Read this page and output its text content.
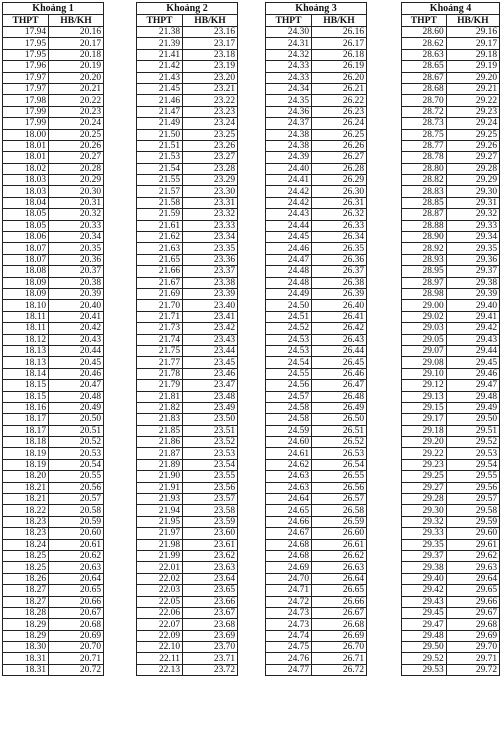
Khoảng 1	
THPT	HB/KH
17.94	20.16
17.95	20.17
17.95	20.18
17.96	20.19
17.97	20.20
17.97	20.21
17.98	20.22
17.99	20.23
17.99	20.24
18.00	20.25
18.01	20.26
18.01	20.27
18.02	20.28
18.03	20.29
18.03	20.30
18.04	20.31
18.05	20.32
18.05	20.33
18.06	20.34
18.07	20.35
18.07	20.36
18.08	20.37
18.09	20.38
18.09	20.39
18.10	20.40
18.11	20.41
18.11	20.42
18.12	20.43
18.13	20.44
18.13	20.45
18.14	20.46
18.15	20.47
18.15	20.48
18.16	20.49
18.17	20.50
18.17	20.51
18.18	20.52
18.19	20.53
18.19	20.54
18.20	20.55
18.21	20.56
18.21	20.57
18.22	20.58
18.23	20.59
18.23	20.60
18.24	20.61
18.25	20.62
18.25	20.63
18.26	20.64
18.27	20.65
18.27	20.66
18.28	20.67
18.29	20.68
18.29	20.69
18.30	20.70
18.31	20.71
18.31	20.72
Khoảng 2	
THPT	HB/KH
21.38	23.16
21.39	23.17
21.41	23.18
21.42	23.19
21.43	23.20
21.45	23.21
21.46	23.22
21.47	23.23
21.49	23.24
21.50	23.25
21.51	23.26
21.53	23.27
21.54	23.28
21.55	23.29
21.57	23.30
21.58	23.31
21.59	23.32
21.61	23.33
21.62	23.34
21.63	23.35
21.65	23.36
21.66	23.37
21.67	23.38
21.69	23.39
21.70	23.40
21.71	23.41
21.73	23.42
21.74	23.43
21.75	23.44
21.77	23.45
21.78	23.46
21.79	23.47
21.81	23.48
21.82	23.49
21.83	23.50
21.85	23.51
21.86	23.52
21.87	23.53
21.89	23.54
21.90	23.55
21.91	23.56
21.93	23.57
21.94	23.58
21.95	23.59
21.97	23.60
21.98	23.61
21.99	23.62
22.01	23.63
22.02	23.64
22.03	23.65
22.05	23.66
22.06	23.67
22.07	23.68
22.09	23.69
22.10	23.70
22.11	23.71
22.13	23.72
Khoảng 3	
THPT	HB/KH
24.30	26.16
24.31	26.17
24.32	26.18
24.33	26.19
24.33	26.20
24.34	26.21
24.35	26.22
24.36	26.23
24.37	26.24
24.38	26.25
24.38	26.26
24.39	26.27
24.40	26.28
24.41	26.29
24.42	26.30
24.42	26.31
24.43	26.32
24.44	26.33
24.45	26.34
24.46	26.35
24.47	26.36
24.48	26.37
24.48	26.38
24.49	26.39
24.50	26.40
24.51	26.41
24.52	26.42
24.53	26.43
24.53	26.44
24.54	26.45
24.55	26.46
24.56	26.47
24.57	26.48
24.58	26.49
24.58	26.50
24.59	26.51
24.60	26.52
24.61	26.53
24.62	26.54
24.63	26.55
24.63	26.56
24.64	26.57
24.65	26.58
24.66	26.59
24.67	26.60
24.68	26.61
24.68	26.62
24.69	26.63
24.70	26.64
24.71	26.65
24.72	26.66
24.73	26.67
24.73	26.68
24.74	26.69
24.75	26.70
24.76	26.71
24.77	26.72
Khoảng 4	
THPT	HB/KH
28.60	29.16
28.62	29.17
28.63	29.18
28.65	29.19
28.67	29.20
28.68	29.21
28.70	29.22
28.72	29.23
28.73	29.24
28.75	29.25
28.77	29.26
28.78	29.27
28.80	29.28
28.82	29.29
28.83	29.30
28.85	29.31
28.87	29.32
28.88	29.33
28.90	29.34
28.92	29.35
28.93	29.36
28.95	29.37
28.97	29.38
28.98	29.39
29.00	29.40
29.02	29.41
29.03	29.42
29.05	29.43
29.07	29.44
29.08	29.45
29.10	29.46
29.12	29.47
29.13	29.48
29.15	29.49
29.17	29.50
29.18	29.51
29.20	29.52
29.22	29.53
29.23	29.54
29.25	29.55
29.27	29.56
29.28	29.57
29.30	29.58
29.32	29.59
29.33	29.60
29.35	29.61
29.37	29.62
29.38	29.63
29.40	29.64
29.42	29.65
29.43	29.66
29.45	29.67
29.47	29.68
29.48	29.69
29.50	29.70
29.52	29.71
29.53	29.72
